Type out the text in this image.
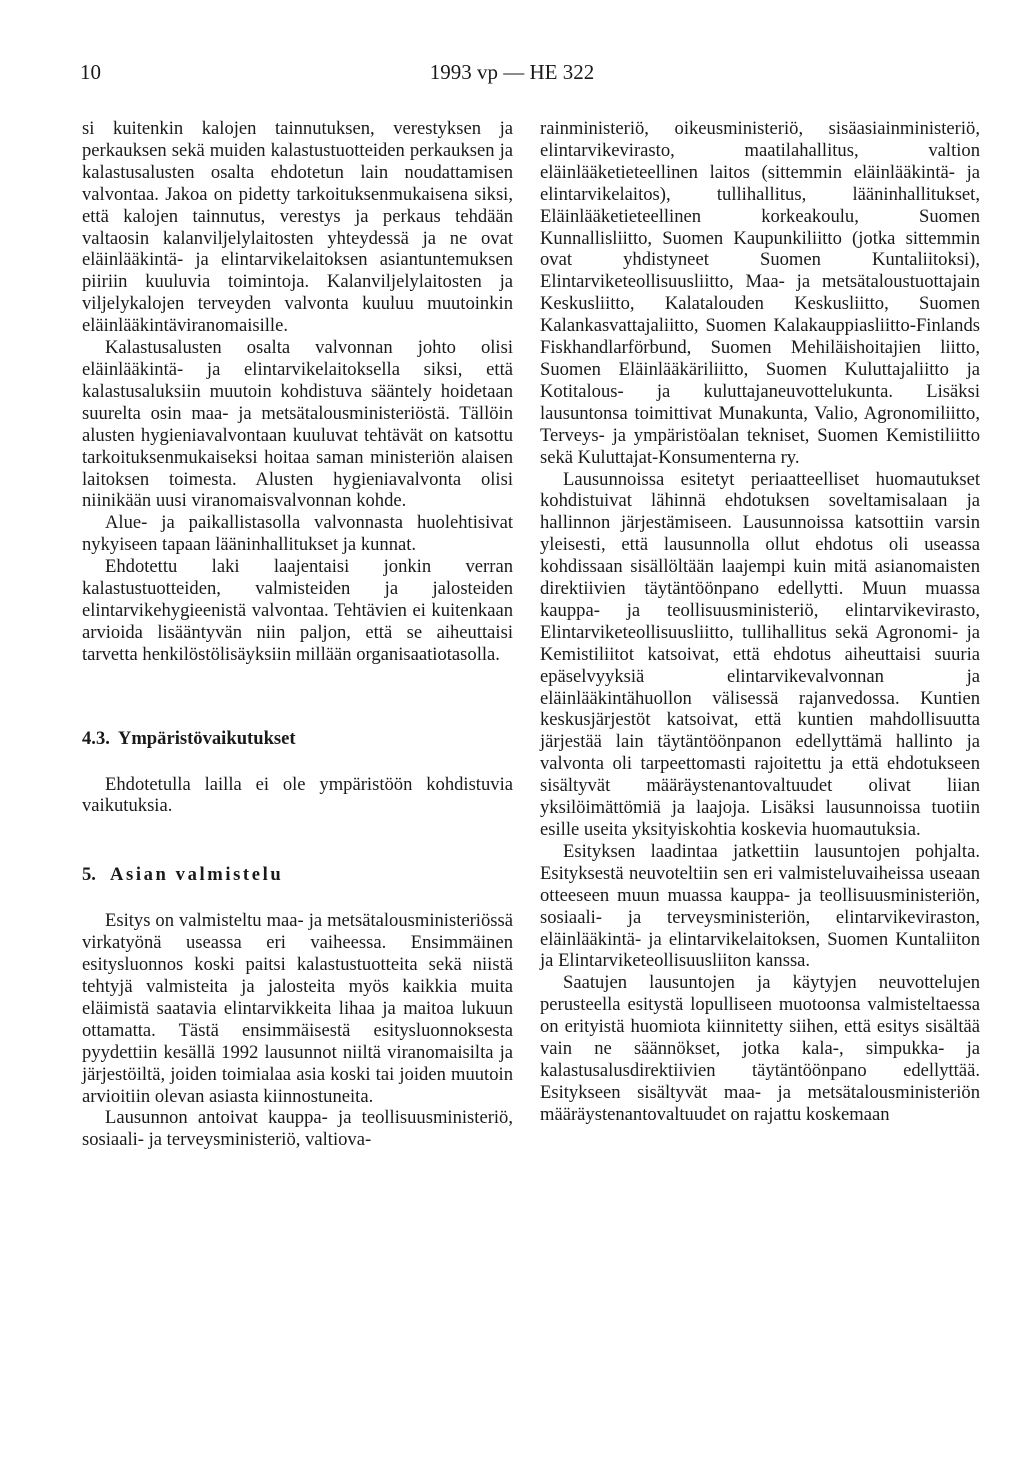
10	1993 vp — HE 322

si kuitenkin kalojen tainnutuksen, verestyksen ja perkauksen sekä muiden kalastustuotteiden perkauksen ja kalastusalusten osalta ehdotetun lain noudattamisen valvontaa. Jakoa on pidetty tarkoituksenmukaisena siksi, että kalojen tainnutus, verestys ja perkaus tehdään valtaosin kalanviljelylaitosten yhteydessä ja ne ovat eläinlääkintä- ja elintarvikelaitoksen asiantuntemuksen piiriin kuuluvia toimintoja. Kalanviljelylaitosten ja viljelykalojen terveyden valvonta kuuluu muutoinkin eläinlääkintäviranomaisille.

Kalastusalusten osalta valvonnan johto olisi eläinlääkintä- ja elintarvikelaitoksella siksi, että kalastusaluksiin muutoin kohdistuva sääntely hoidetaan suurelta osin maa- ja metsätalousministeriöstä. Tällöin alusten hygieniavalvontaan kuuluvat tehtävät on katsottu tarkoituksenmukaiseksi hoitaa saman ministeriön alaisen laitoksen toimesta. Alusten hygieniavalvonta olisi niinikään uusi viranomaisvalvonnan kohde.

Alue- ja paikallistasolla valvonnasta huolehtisivat nykyiseen tapaan lääninhallitukset ja kunnat.

Ehdotettu laki laajentaisi jonkin verran kalastustuotteiden, valmisteiden ja jalosteiden elintarvikehygieenistä valvontaa. Tehtävien ei kuitenkaan arvioida lisääntyvän niin paljon, että se aiheuttaisi tarvetta henkilöstölisäyksiin millään organisaatiotasolla.

4.3. Ympäristövaikutukset

Ehdotetulla lailla ei ole ympäristöön kohdistuvia vaikutuksia.

5. Asian valmistelu

Esitys on valmisteltu maa- ja metsätalousministeriössä virkatyönä useassa eri vaiheessa. Ensimmäinen esitysluonnos koski paitsi kalastustuotteita sekä niistä tehtyjä valmisteita ja jalosteita myös kaikkia muita eläimistä saatavia elintarvikkeita lihaa ja maitoa lukuun ottamatta. Tästä ensimmäisestä esitysluonnoksesta pyydettiin kesällä 1992 lausunnot niiltä viranomaisilta ja järjestöiltä, joiden toimialaa asia koski tai joiden muutoin arvioitiin olevan asiasta kiinnostuneita.

Lausunnon antoivat kauppa- ja teollisuusministeriö, sosiaali- ja terveysministeriö, valtiova-

rainministeriö, oikeusministeriö, sisäasiainministeriö, elintarvikevirasto, maatilahallitus, valtion eläinlääketieteellinen laitos (sittemmin eläinlääkintä- ja elintarvikelaitos), tullihallitus, lääninhallitukset, Eläinlääketieteellinen korkeakoulu, Suomen Kunnallisliitto, Suomen Kaupunkiliitto (jotka sittemmin ovat yhdistyneet Suomen Kuntaliitoksi), Elintarviketeollisuusliitto, Maa- ja metsätaloustuottajain Keskusliitto, Kalatalouden Keskusliitto, Suomen Kalankasvattajaliitto, Suomen Kalakauppiasliitto-Finlands Fiskhandlarförbund, Suomen Mehiläishoitajien liitto, Suomen Eläinlääkäriliitto, Suomen Kuluttajaliitto ja Kotitalous- ja kuluttajaneuvottelukunta. Lisäksi lausuntonsa toimittivat Munakunta, Valio, Agronomiliitto, Terveys- ja ympäristöalan tekniset, Suomen Kemistiliitto sekä Kuluttajat-Konsumenterna ry.

Lausunnoissa esitetyt periaatteelliset huomautukset kohdistuivat lähinnä ehdotuksen soveltamisalaan ja hallinnon järjestämiseen. Lausunnoissa katsottiin varsin yleisesti, että lausunnolla ollut ehdotus oli useassa kohdissaan sisällöltään laajempi kuin mitä asianomaisten direktiivien täytäntöönpano edellytti. Muun muassa kauppa- ja teollisuusministeriö, elintarvikevirasto, Elintarviketeollisuusliitto, tullihallitus sekä Agronomi- ja Kemistiliitot katsoivat, että ehdotus aiheuttaisi suuria epäselvyyksiä elintarvikevalvonnan ja eläinlääkintähuollon välisessä rajanvedossa. Kuntien keskusjärjestöt katsoivat, että kuntien mahdollisuutta järjestää lain täytäntöönpanon edellyttämä hallinto ja valvonta oli tarpeettomasti rajoitettu ja että ehdotukseen sisältyvät määräystenantovaltuudet olivat liian yksilöimättömiä ja laajoja. Lisäksi lausunnoissa tuotiin esille useita yksityiskohtia koskevia huomautuksia.

Esityksen laadintaa jatkettiin lausuntojen pohjalta. Esityksestä neuvoteltiin sen eri valmisteluvaiheissa useaan otteeseen muun muassa kauppa- ja teollisuusministeriön, sosiaali- ja terveysministeriön, elintarvikeviraston, eläinlääkintä- ja elintarvikelaitoksen, Suomen Kuntaliiton ja Elintarviketeollisuusliiton kanssa.

Saatujen lausuntojen ja käytyjen neuvottelujen perusteella esitystä lopulliseen muotoonsa valmisteltaessa on erityistä huomiota kiinnitetty siihen, että esitys sisältää vain ne säännökset, jotka kala-, simpukka- ja kalastusalusdirektiivien täytäntöönpano edellyttää. Esitykseen sisältyvät maa- ja metsätalousministeriön määräystenantovaltuudet on rajattu koskemaan
